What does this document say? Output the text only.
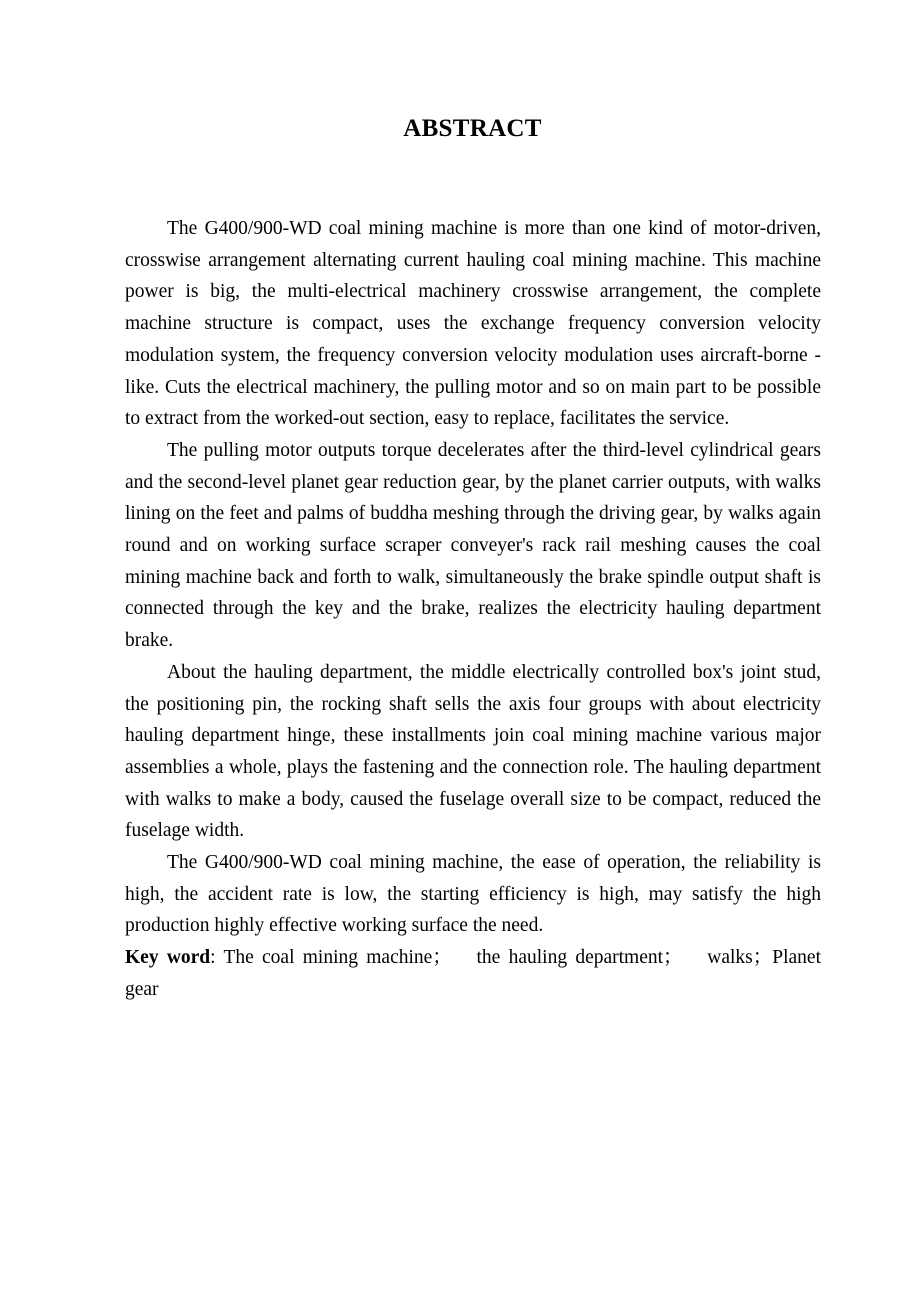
ABSTRACT

The G400/900-WD coal mining machine is more than one kind of motor-driven, crosswise arrangement alternating current hauling coal mining machine. This machine power is big, the multi-electrical machinery crosswise arrangement, the complete machine structure is compact, uses the exchange frequency conversion velocity modulation system, the frequency conversion velocity modulation uses aircraft-borne -like. Cuts the electrical machinery, the pulling motor and so on main part to be possible to extract from the worked-out section, easy to replace, facilitates the service.

The pulling motor outputs torque decelerates after the third-level cylindrical gears and the second-level planet gear reduction gear, by the planet carrier outputs, with walks lining on the feet and palms of buddha meshing through the driving gear, by walks again round and on working surface scraper conveyer's rack rail meshing causes the coal mining machine back and forth to walk, simultaneously the brake spindle output shaft is connected through the key and the brake, realizes the electricity hauling department brake.

About the hauling department, the middle electrically controlled box's joint stud, the positioning pin, the rocking shaft sells the axis four groups with about electricity hauling department hinge, these installments join coal mining machine various major assemblies a whole, plays the fastening and the connection role. The hauling department with walks to make a body, caused the fuselage overall size to be compact, reduced the fuselage width.

The G400/900-WD coal mining machine, the ease of operation, the reliability is high, the accident rate is low, the starting efficiency is high, may satisfy the high production highly effective working surface the need.

Key word: The coal mining machine；   the hauling department；   walks；Planet gear
